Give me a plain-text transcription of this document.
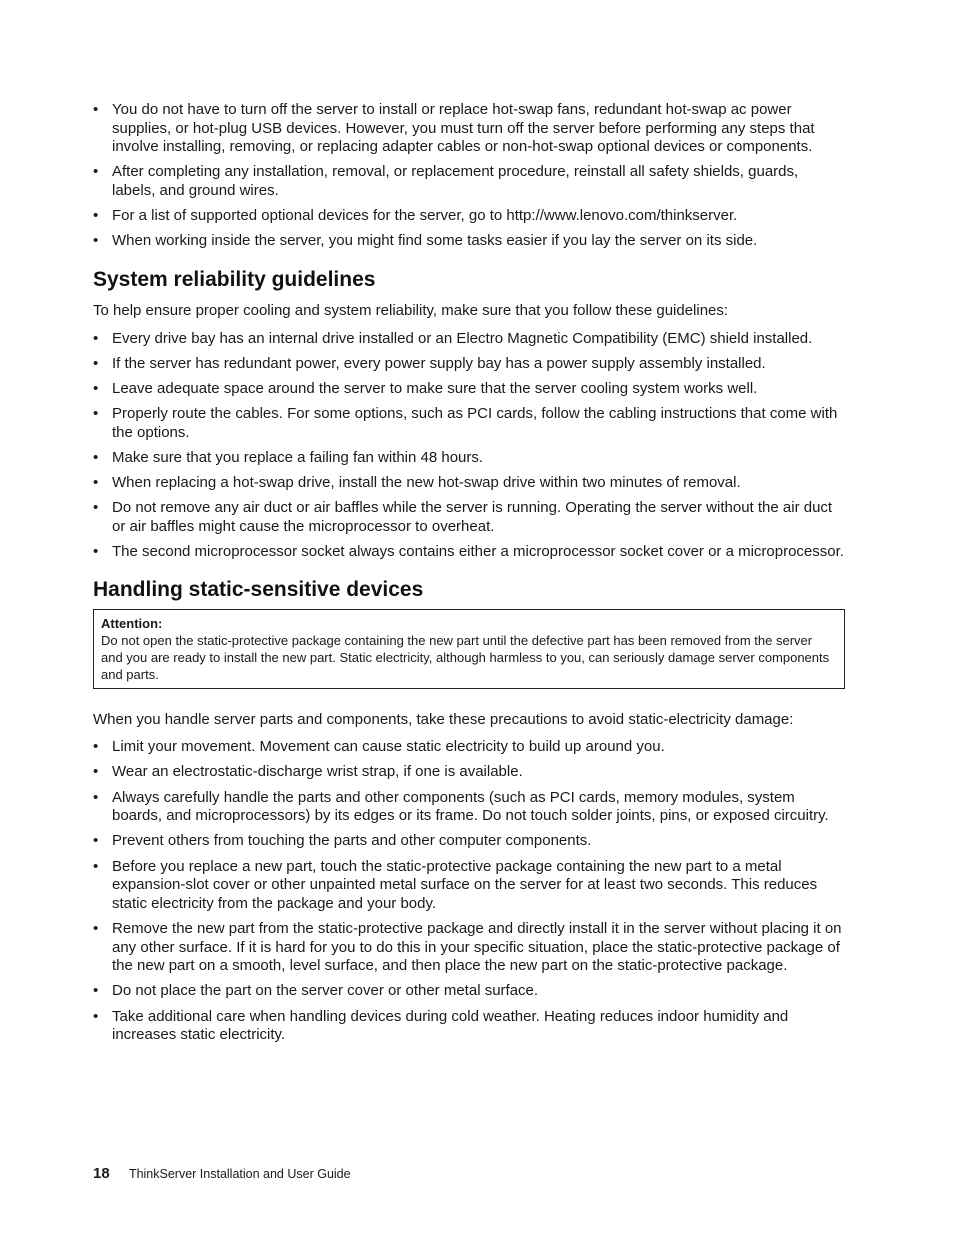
• You do not have to turn off the server to install or replace hot-swap fans, redundant hot-swap ac power supplies, or hot-plug USB devices. However, you must turn off the server before performing any steps that involve installing, removing, or replacing adapter cables or non-hot-swap optional devices or components.
• After completing any installation, removal, or replacement procedure, reinstall all safety shields, guards, labels, and ground wires.
• For a list of supported optional devices for the server, go to http://www.lenovo.com/thinkserver.
• When working inside the server, you might find some tasks easier if you lay the server on its side.
System reliability guidelines

To help ensure proper cooling and system reliability, make sure that you follow these guidelines:

• Every drive bay has an internal drive installed or an Electro Magnetic Compatibility (EMC) shield installed.
• If the server has redundant power, every power supply bay has a power supply assembly installed.
• Leave adequate space around the server to make sure that the server cooling system works well.
• Properly route the cables. For some options, such as PCI cards, follow the cabling instructions that come with the options.
• Make sure that you replace a failing fan within 48 hours.
• When replacing a hot-swap drive, install the new hot-swap drive within two minutes of removal.
• Do not remove any air duct or air baffles while the server is running. Operating the server without the air duct or air baffles might cause the microprocessor to overheat.
• The second microprocessor socket always contains either a microprocessor socket cover or a microprocessor.
Handling static-sensitive devices
Attention:
Do not open the static-protective package containing the new part until the defective part has been removed from the server and you are ready to install the new part. Static electricity, although harmless to you, can seriously damage server components and parts.

When you handle server parts and components, take these precautions to avoid static-electricity damage:

• Limit your movement. Movement can cause static electricity to build up around you.
• Wear an electrostatic-discharge wrist strap, if one is available.
• Always carefully handle the parts and other components (such as PCI cards, memory modules, system boards, and microprocessors) by its edges or its frame. Do not touch solder joints, pins, or exposed circuitry.
• Prevent others from touching the parts and other computer components.
• Before you replace a new part, touch the static-protective package containing the new part to a metal expansion-slot cover or other unpainted metal surface on the server for at least two seconds. This reduces static electricity from the package and your body.
• Remove the new part from the static-protective package and directly install it in the server without placing it on any other surface. If it is hard for you to do this in your specific situation, place the static-protective package of the new part on a smooth, level surface, and then place the new part on the static-protective package.
• Do not place the part on the server cover or other metal surface.
• Take additional care when handling devices during cold weather. Heating reduces indoor humidity and increases static electricity.
18 ThinkServer Installation and User Guide
